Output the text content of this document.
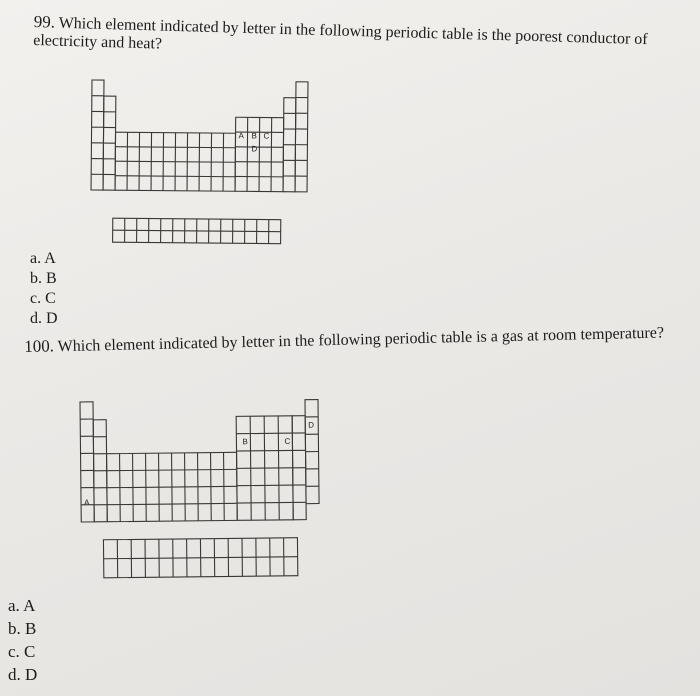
99. Which element indicated by letter in the following periodic table is the poorest conductor of electricity and heat?
A B C
D
A
B	C
D
a. A
b. B
c. C
d. D
100. Which element indicated by letter in the following periodic table is a gas at room temperature?
a. A
b. B
c. C
d. D
